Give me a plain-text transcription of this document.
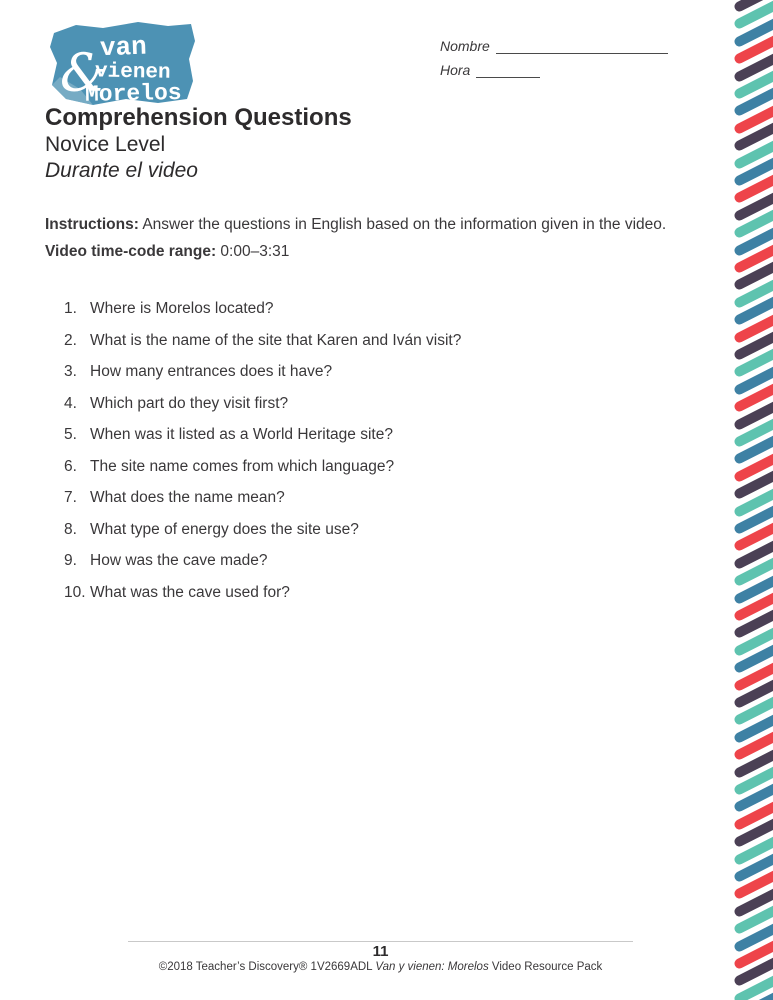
&
van
vienen
Morelos
Nombre
Hora
Comprehension Questions
Novice Level
Durante el video
Instructions: Answer the questions in English based on the information given in the video.
Video time-code range: 0:00–3:31
1. Where is Morelos located?
2. What is the name of the site that Karen and Iván visit?
3. How many entrances does it have?
4. Which part do they visit first?
5. When was it listed as a World Heritage site?
6. The site name comes from which language?
7. What does the name mean?
8. What type of energy does the site use?
9. How was the cave made?
10. What was the cave used for?
11
©2018 Teacher’s Discovery® 1V2669ADL Van y vienen: Morelos Video Resource Pack
